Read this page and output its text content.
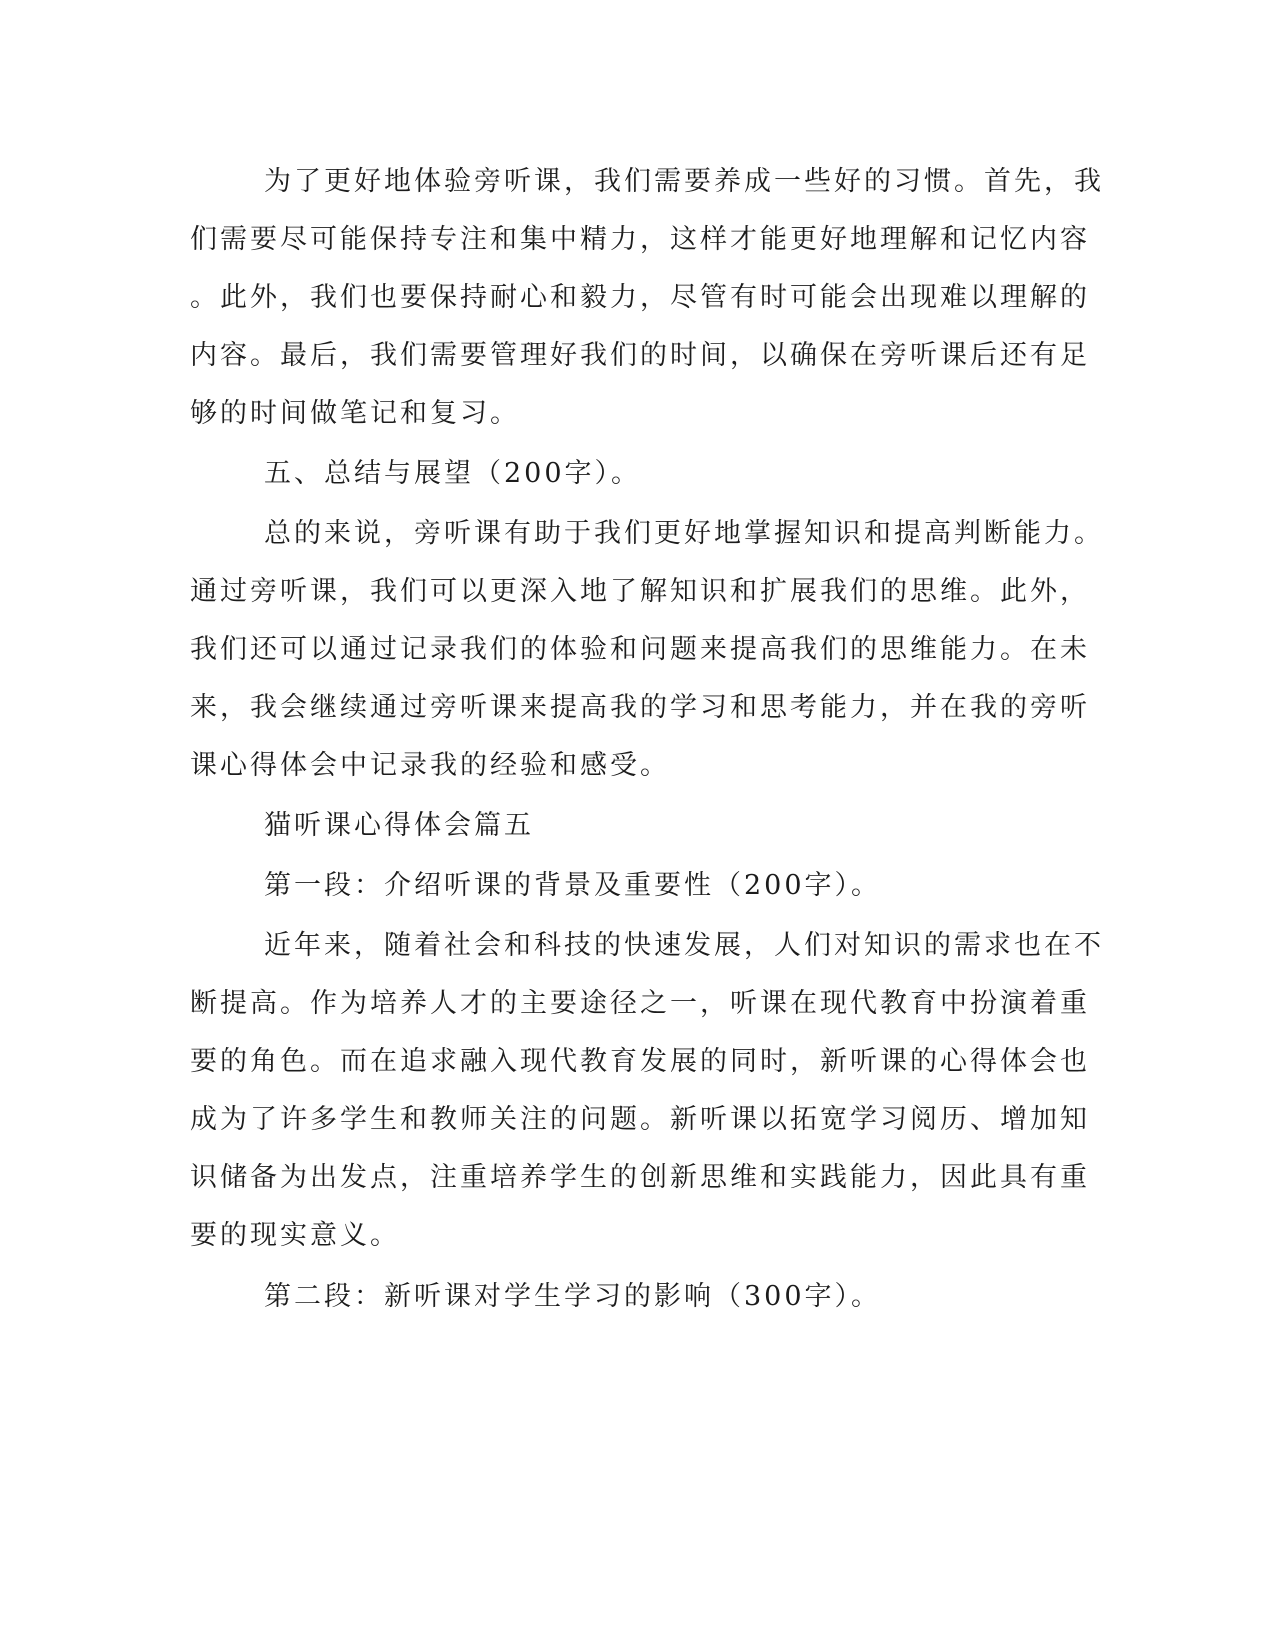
为了更好地体验旁听课，我们需要养成一些好的习惯。首先，我
们需要尽可能保持专注和集中精力，这样才能更好地理解和记忆内容
。此外，我们也要保持耐心和毅力，尽管有时可能会出现难以理解的
内容。最后，我们需要管理好我们的时间，以确保在旁听课后还有足
够的时间做笔记和复习。
五、总结与展望（200字）。
总的来说，旁听课有助于我们更好地掌握知识和提高判断能力。
通过旁听课，我们可以更深入地了解知识和扩展我们的思维。此外，
我们还可以通过记录我们的体验和问题来提高我们的思维能力。在未
来，我会继续通过旁听课来提高我的学习和思考能力，并在我的旁听
课心得体会中记录我的经验和感受。
猫听课心得体会篇五
第一段：介绍听课的背景及重要性（200字）。
近年来，随着社会和科技的快速发展，人们对知识的需求也在不
断提高。作为培养人才的主要途径之一，听课在现代教育中扮演着重
要的角色。而在追求融入现代教育发展的同时，新听课的心得体会也
成为了许多学生和教师关注的问题。新听课以拓宽学习阅历、增加知
识储备为出发点，注重培养学生的创新思维和实践能力，因此具有重
要的现实意义。
第二段：新听课对学生学习的影响（300字）。
